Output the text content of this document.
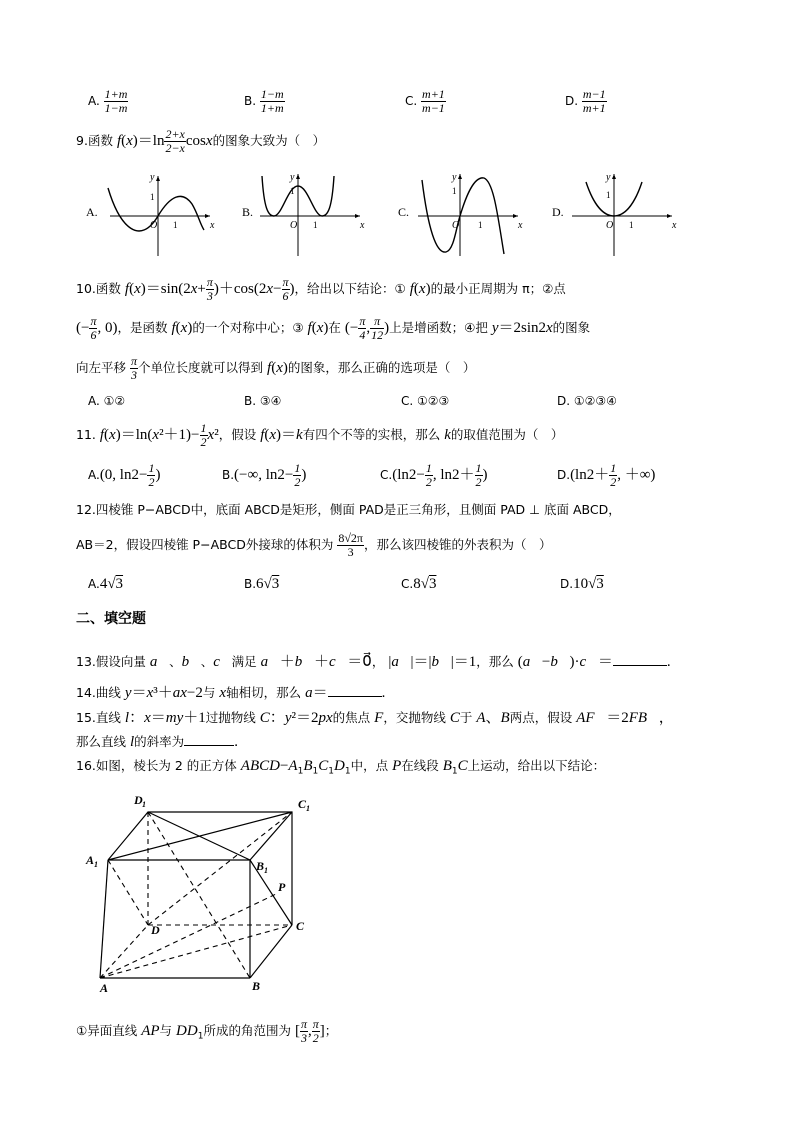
A. $\frac{1+m}{1-m}$	B. $\frac{1-m}{1+m}$	C. $\frac{m+1}{m-1}$	D. $\frac{m-1}{m+1}$
9.函数 $f(x)=\ln \frac{2+x}{2-x}$ cosx的图象大致为（　）
A.
y
1
O 1	x
B.
y
1
O 1	x
C.
y
1
O 1	x
D.
y
1
O 1	x
10.函数 $f(x)=\sin(2x+ \frac{\pi}{3} )+\cos(2x- \frac{\pi}{6}$ )，给出以下结论：① f(x)的最小正周期为 π；②点
(− $\frac{\pi}{6}$ , 0)，是函数 f(x)的一个对称中心；③ f(x)在 (− $\frac{\pi}{4}$ , $\frac{\pi}{12}$ )上是增函数；④把 y＝2sin2x的图象
向左平移 $\frac{\pi}{3}$ 个单位长度就可以得到 f(x)的图象，那么正确的选项是（　）
A. ①②	B. ③④	C. ①②③	D. ①②③④
11. $f(x)=\ln(x^2+1)- \frac{1}{2} x^2$，假设 f(x)＝k有四个不等的实根，那么 k的取值范围为（　）
A.(0, $\ln 2- \frac{1}{2}$ )	B.(−∞, $\ln 2- \frac{1}{2}$ )	$C.(\ln 2- \frac{1}{2}$ , $\ln 2+ \frac{1}{2}$ )	$D.(\ln 2+ \frac{1}{2}$ , ＋∞)
12.四棱锥 P−ABCD中，底面 ABCD是矩形，侧面 PAD是正三角形，且侧面 PAD ⊥ 底面 ABCD，
AB＝2，假设四棱锥 P−ABCD外接球的体积为 $\frac{8√2\pi}{3}$ ，那么该四棱锥的外表积为（　）
A.4√3	B.6√3	C.8√3	D.10√3
二、填空题
13.假设向量 a⃗、b⃗、c⃗满足 a⃗＋b⃗＋c⃗＝0⃗， |a⃗|＝|b⃗|＝1，那么 (a⃗−b⃗)·c⃗＝	.
14.曲线 y＝x³＋ax−2与 x轴相切，那么 a＝	.
15.直线 l：x＝my＋1过抛物线 C：y²＝2px的焦点 F，交抛物线 C于 A、B两点，假设 AF⃗＝2FB⃗，
那么直线 l的斜率为	.
16.如图，棱长为 2 的正方体 $ABCD-A_1B_1C_1D_1$中，点 P在线段 $B_1C$上运动，给出以下结论：
D 1	C 1
A 1	B 1
P
D	C
A	B
①异面直线 AP与 $DD_1$所成的角范围为 [ $\frac{\pi}{3}$ , $\frac{\pi}{2}$ ]；
